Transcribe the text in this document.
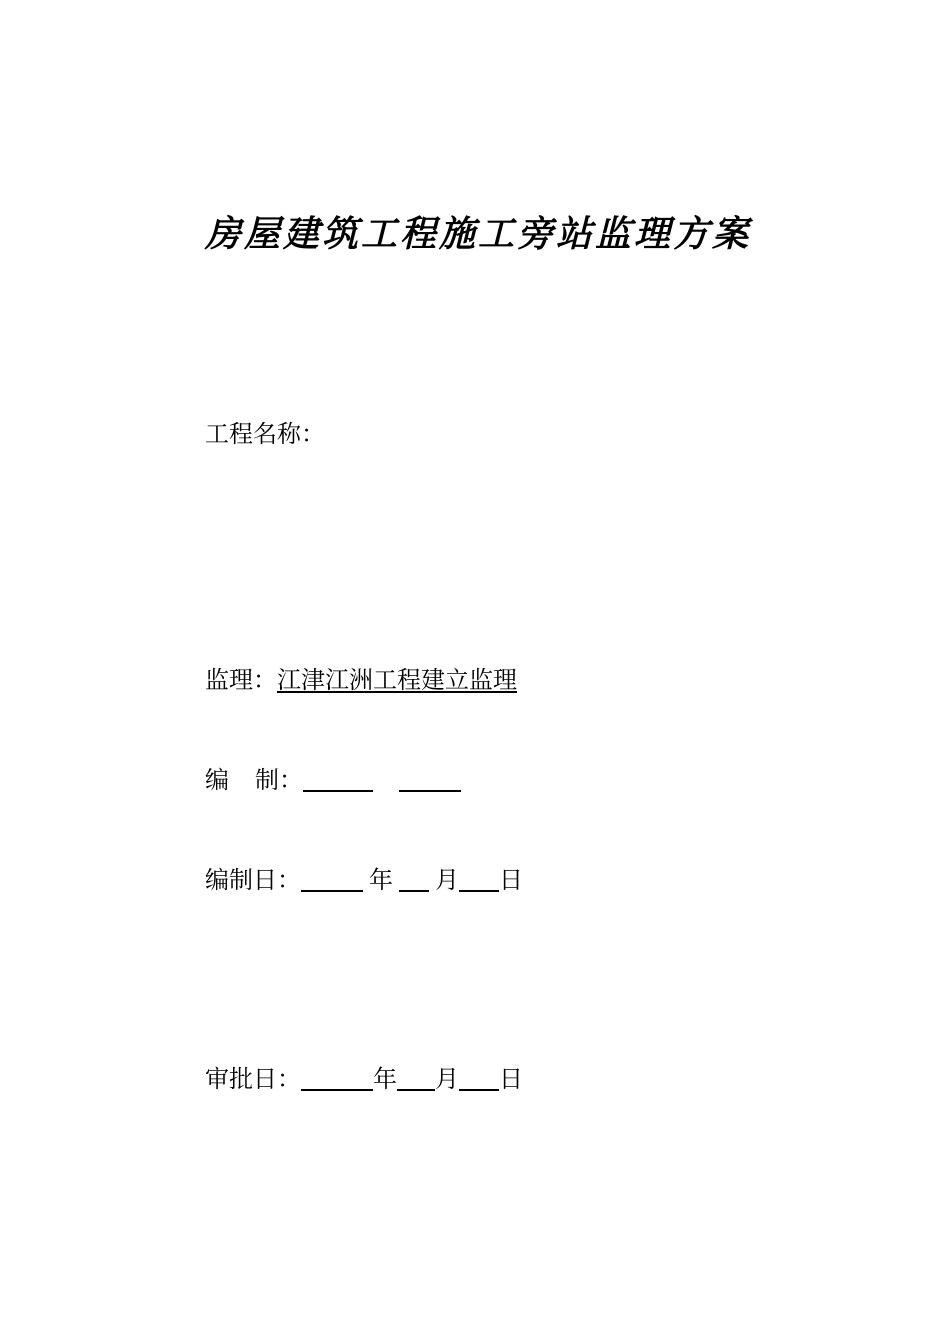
房屋建筑工程施工旁站监理方案
工程名称：
监理：江津江洲工程建立监理
编 制：
编制日：	年 月 日
审批日：	年 月 日
